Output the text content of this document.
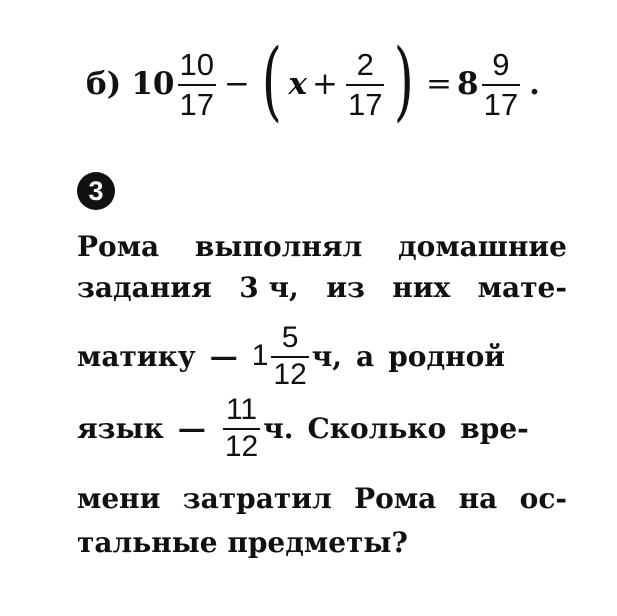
б) $10 \frac{10}{17}$ − ( $x + \frac{2}{17}$ ) = $8 \frac{9}{17}$ .
3
Рома выполнял домашние
задания 3 ч, из них мате-
матику — $1 \frac{5}{12} ч$, а родной
язык — $\frac{11}{12} ч$. Сколько вре-
мени затратил Рома на ос-
тальные предметы?
